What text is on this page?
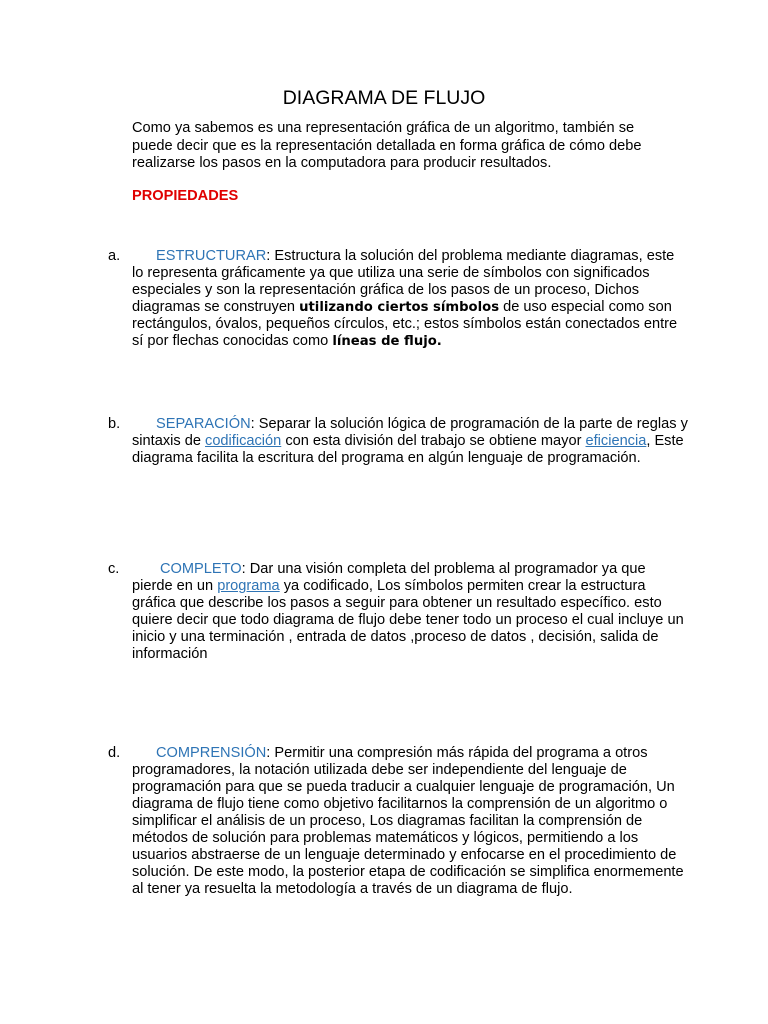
DIAGRAMA DE FLUJO
Como ya sabemos es una representación gráfica de un algoritmo, también se puede decir que es la representación detallada en forma gráfica de cómo debe realizarse los pasos en la computadora para producir resultados.
PROPIEDADES
a.	ESTRUCTURAR: Estructura la solución del problema mediante diagramas, este lo representa gráficamente ya que utiliza una serie de símbolos con significados especiales y son la representación gráfica de los pasos de un proceso, Dichos diagramas se construyen utilizando ciertos símbolos de uso especial como son rectángulos, óvalos, pequeños círculos, etc.; estos símbolos están conectados entre sí por flechas conocidas como líneas de flujo.
b.	SEPARACIÓN: Separar la solución lógica de programación de la parte de reglas y sintaxis de codificación con esta división del trabajo se obtiene mayor eficiencia, Este diagrama facilita la escritura del programa en algún lenguaje de programación.
c.	COMPLETO: Dar una visión completa del problema al programador ya que pierde en un programa ya codificado, Los símbolos permiten crear la estructura gráfica que describe los pasos a seguir para obtener un resultado específico. esto quiere decir que todo diagrama de flujo debe tener todo un proceso el cual incluye un inicio y una terminación , entrada de datos ,proceso de datos , decisión, salida de información
d.	COMPRENSIÓN: Permitir una compresión más rápida del programa a otros programadores, la notación utilizada debe ser independiente del lenguaje de programación para que se pueda traducir a cualquier lenguaje de programación, Un diagrama de flujo tiene como objetivo facilitarnos la comprensión de un algoritmo o simplificar el análisis de un proceso, Los diagramas facilitan la comprensión de métodos de solución para problemas matemáticos y lógicos, permitiendo a los usuarios abstraerse de un lenguaje determinado y enfocarse en el procedimiento de solución. De este modo, la posterior etapa de codificación se simplifica enormemente al tener ya resuelta la metodología a través de un diagrama de flujo.
